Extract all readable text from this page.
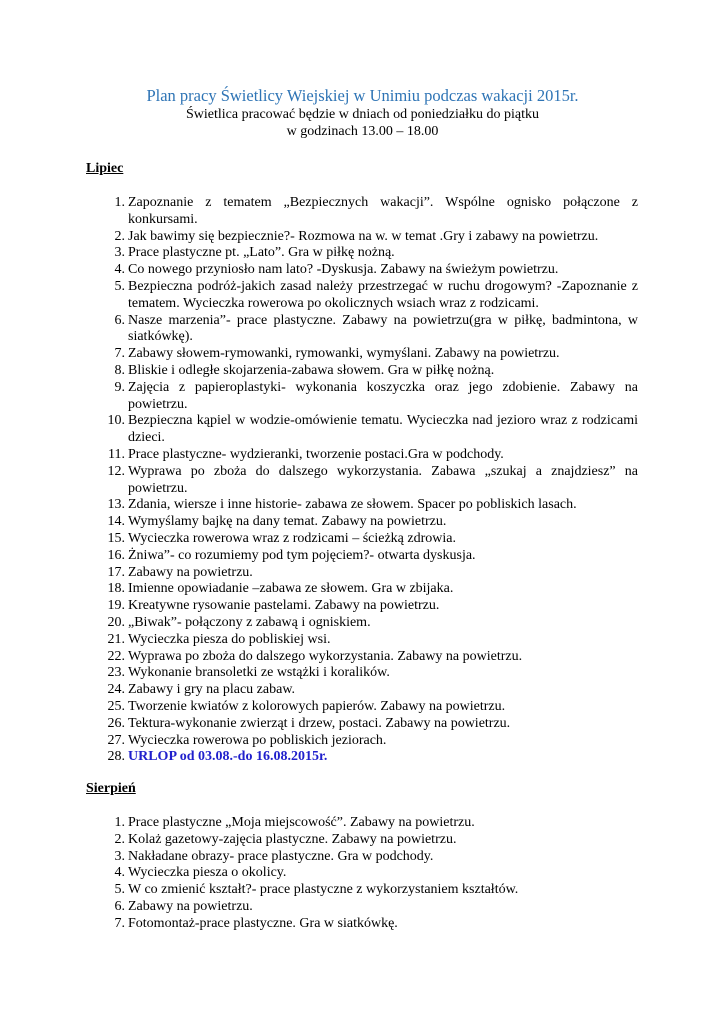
Plan pracy Świetlicy Wiejskiej w Unimiu podczas wakacji 2015r.
Świetlica pracować będzie w dniach od poniedziałku do piątku
w godzinach 13.00 – 18.00
Lipiec
1. Zapoznanie z tematem „Bezpiecznych wakacji”. Wspólne ognisko połączone z konkursami.
2. Jak bawimy się bezpiecznie?- Rozmowa na w. w temat .Gry i zabawy na powietrzu.
3. Prace plastyczne pt. „Lato”. Gra w piłkę nożną.
4. Co nowego przyniosło nam lato? -Dyskusja. Zabawy na świeżym powietrzu.
5. Bezpieczna podróż-jakich zasad należy przestrzegać w ruchu drogowym? -Zapoznanie z tematem. Wycieczka rowerowa po okolicznych wsiach wraz z rodzicami.
6. Nasze marzenia”- prace plastyczne. Zabawy na powietrzu(gra w piłkę, badmintona, w siatkówkę).
7. Zabawy słowem-rymowanki, rymowanki, wymyślani. Zabawy na powietrzu.
8. Bliskie i odległe skojarzenia-zabawa słowem. Gra w piłkę nożną.
9. Zajęcia z papieroplastyki- wykonania koszyczka oraz jego zdobienie. Zabawy na powietrzu.
10. Bezpieczna kąpiel w wodzie-omówienie tematu. Wycieczka nad jezioro wraz z rodzicami dzieci.
11. Prace plastyczne- wydzieranki, tworzenie postaci.Gra w podchody.
12. Wyprawa po zboża do dalszego wykorzystania. Zabawa „szukaj a znajdziesz” na powietrzu.
13. Zdania, wiersze i inne historie- zabawa ze słowem. Spacer po pobliskich lasach.
14. Wymyślamy bajkę na dany temat. Zabawy na powietrzu.
15. Wycieczka rowerowa wraz z rodzicami – ścieżką zdrowia.
16. Żniwa”- co rozumiemy pod tym pojęciem?- otwarta dyskusja.
17. Zabawy na powietrzu.
18. Imienne opowiadanie –zabawa ze słowem. Gra w zbijaka.
19. Kreatywne rysowanie pastelami. Zabawy na powietrzu.
20. „Biwak”- połączony z zabawą i ogniskiem.
21. Wycieczka piesza do pobliskiej wsi.
22. Wyprawa po zboża do dalszego wykorzystania. Zabawy na powietrzu.
23. Wykonanie bransoletki ze wstążki i koralików.
24. Zabawy i gry na placu zabaw.
25. Tworzenie kwiatów z kolorowych papierów. Zabawy na powietrzu.
26. Tektura-wykonanie zwierząt i drzew, postaci. Zabawy na powietrzu.
27. Wycieczka rowerowa po pobliskich jeziorach.
28. URLOP od 03.08.-do 16.08.2015r.
Sierpień
1. Prace plastyczne „Moja miejscowość”. Zabawy na powietrzu.
2. Kolaż gazetowy-zajęcia plastyczne. Zabawy na powietrzu.
3. Nakładane obrazy- prace plastyczne. Gra w podchody.
4. Wycieczka piesza o okolicy.
5. W co zmienić kształt?- prace plastyczne z wykorzystaniem kształtów.
6. Zabawy na powietrzu.
7. Fotomontaż-prace plastyczne. Gra w siatkówkę.
